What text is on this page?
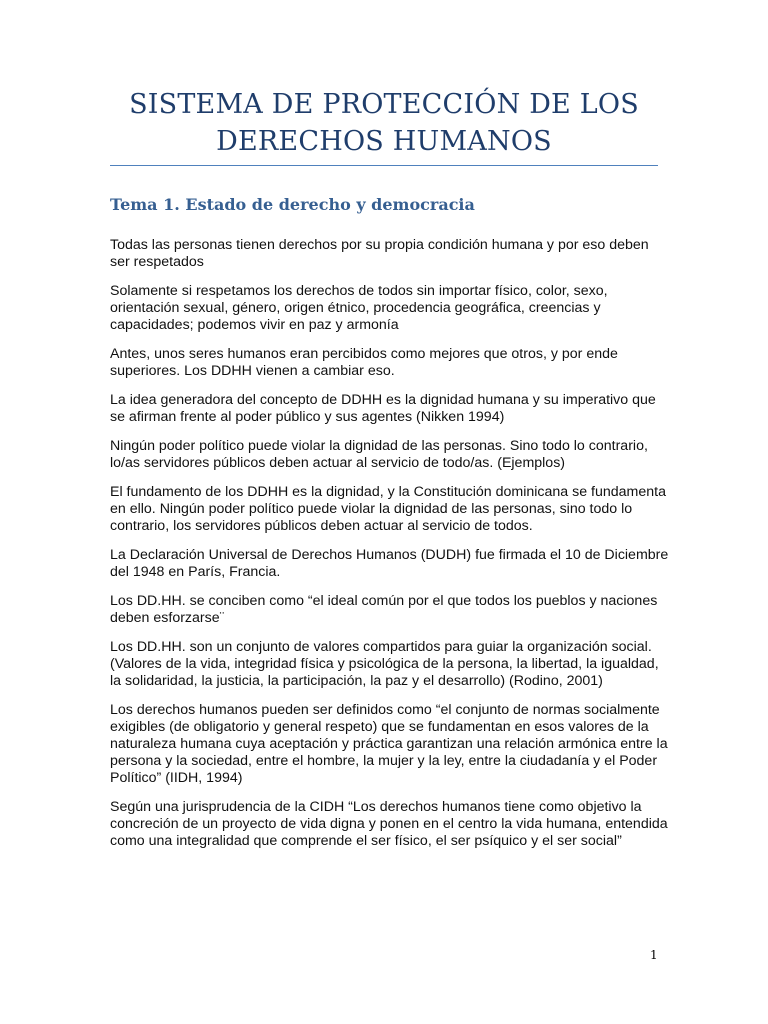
SISTEMA DE PROTECCIÓN DE LOS
DERECHOS HUMANOS
Tema 1. Estado de derecho y democracia

Todas las personas tienen derechos por su propia condición humana y por eso deben ser respetados

Solamente si respetamos los derechos de todos sin importar físico, color, sexo, orientación sexual, género, origen étnico, procedencia geográfica, creencias y capacidades; podemos vivir en paz y armonía

Antes, unos seres humanos eran percibidos como mejores que otros, y por ende superiores. Los DDHH vienen a cambiar eso.

La idea generadora del concepto de DDHH es la dignidad humana y su imperativo que se afirman frente al poder público y sus agentes (Nikken 1994)

Ningún poder político puede violar la dignidad de las personas. Sino todo lo contrario, lo/as servidores públicos deben actuar al servicio de todo/as. (Ejemplos)

El fundamento de los DDHH es la dignidad, y la Constitución dominicana se fundamenta en ello. Ningún poder político puede violar la dignidad de las personas, sino todo lo contrario, los servidores públicos deben actuar al servicio de todos.

La Declaración Universal de Derechos Humanos (DUDH) fue firmada el 10 de Diciembre del 1948 en París, Francia.

Los DD.HH. se conciben como “el ideal común por el que todos los pueblos y naciones deben esforzarse¨

Los DD.HH. son un conjunto de valores compartidos para guiar la organización social. (Valores de la vida, integridad física y psicológica de la persona, la libertad, la igualdad, la solidaridad, la justicia, la participación, la paz y el desarrollo) (Rodino, 2001)

Los derechos humanos pueden ser definidos como “el conjunto de normas socialmente exigibles (de obligatorio y general respeto) que se fundamentan en esos valores de la naturaleza humana cuya aceptación y práctica garantizan una relación armónica entre la persona y la sociedad, entre el hombre, la mujer y la ley, entre la ciudadanía y el Poder Político” (IIDH, 1994)

Según una jurisprudencia de la CIDH “Los derechos humanos tiene como objetivo la concreción de un proyecto de vida digna y ponen en el centro la vida humana, entendida como una integralidad que comprende el ser físico, el ser psíquico y el ser social”

1
